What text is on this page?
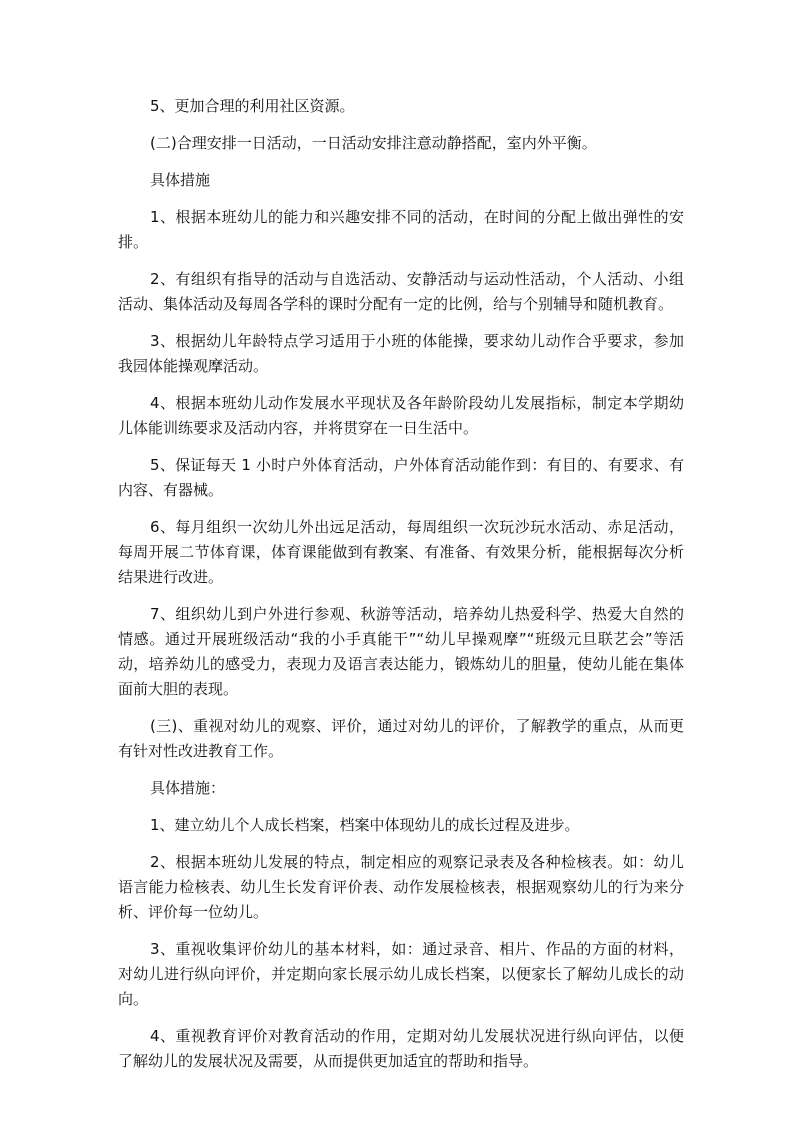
5、更加合理的利用社区资源。

(二)合理安排一日活动，一日活动安排注意动静搭配，室内外平衡。

具体措施

1、根据本班幼儿的能力和兴趣安排不同的活动，在时间的分配上做出弹性的安排。

2、有组织有指导的活动与自选活动、安静活动与运动性活动，个人活动、小组活动、集体活动及每周各学科的课时分配有一定的比例，给与个别辅导和随机教育。

3、根据幼儿年龄特点学习适用于小班的体能操，要求幼儿动作合乎要求，参加我园体能操观摩活动。

4、根据本班幼儿动作发展水平现状及各年龄阶段幼儿发展指标，制定本学期幼儿体能训练要求及活动内容，并将贯穿在一日生活中。

5、保证每天 1 小时户外体育活动，户外体育活动能作到：有目的、有要求、有内容、有器械。

6、每月组织一次幼儿外出远足活动，每周组织一次玩沙玩水活动、赤足活动，每周开展二节体育课，体育课能做到有教案、有准备、有效果分析，能根据每次分析结果进行改进。

7、组织幼儿到户外进行参观、秋游等活动，培养幼儿热爱科学、热爱大自然的情感。通过开展班级活动“我的小手真能干”“幼儿早操观摩”“班级元旦联艺会”等活动，培养幼儿的感受力，表现力及语言表达能力，锻炼幼儿的胆量，使幼儿能在集体面前大胆的表现。

(三)、重视对幼儿的观察、评价，通过对幼儿的评价，了解教学的重点，从而更有针对性改进教育工作。

具体措施：

1、建立幼儿个人成长档案，档案中体现幼儿的成长过程及进步。

2、根据本班幼儿发展的特点，制定相应的观察记录表及各种检核表。如：幼儿语言能力检核表、幼儿生长发育评价表、动作发展检核表，根据观察幼儿的行为来分析、评价每一位幼儿。

3、重视收集评价幼儿的基本材料，如：通过录音、相片、作品的方面的材料，对幼儿进行纵向评价，并定期向家长展示幼儿成长档案，以便家长了解幼儿成长的动向。

4、重视教育评价对教育活动的作用，定期对幼儿发展状况进行纵向评估，以便了解幼儿的发展状况及需要，从而提供更加适宜的帮助和指导。
